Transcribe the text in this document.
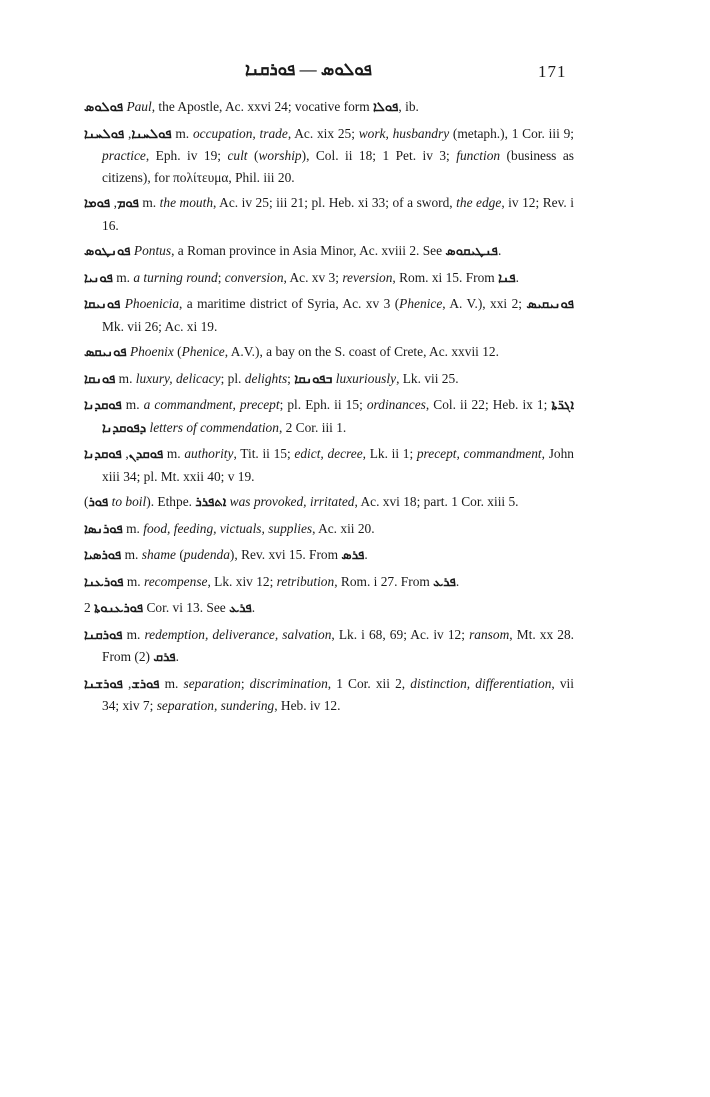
ܦܘܠܘܣ — ܦܘܪܩܢܐ	171

ܦܘܠܘܣ Paul, the Apostle, Ac. xxvi 24; vocative form ܦܘܠܐ, ib.

ܦܘܠܚܢܐ, ܦܘܠܚܢܐ	m. occupation, trade, Ac. xix 25; work, husbandry (metaph.), 1 Cor. iii 9; practice, Eph. iv 19; cult (worship), Col. ii 18; 1 Pet. iv 3; function (business as citizens), for πολίτευμα, Phil. iii 20.

ܦܘܡ, ܦܘܡܐ m. the mouth, Ac. iv 25; iii 21; pl. Heb. xi 33; of a sword, the edge, iv 12; Rev. i 16.

ܦܘܢܛܘܣ Pontus, a Roman province in Asia Minor, Ac. xviii 2. See ܦܢܛܝܩܘܣ.

ܦܘܢܝܐ m. a turning round; conversion, Ac. xv 3; reversion, Rom. xi 15. From ܦܢܐ.

ܦܘܢܝܩܐ Phoenicia, a maritime district of Syria, Ac. xv 3 (Phenice, A. V.), xxi 2; ܦܘܢܝܩܝܣ Mk. vii 26; Ac. xi 19.

ܦܘܢܝܩܣ Phoenix (Phenice, A.V.), a bay on the S. coast of Crete, Ac. xxvii 12.

ܦܘܢܩܐ m. luxury, delicacy; pl. delights; ܒܦܘܢܩܐ luxuriously, Lk. vii 25.

ܦܘܩܕܢܐ m. a commandment, precept; pl. Eph. ii 15; ordinances, Col. ii 22; Heb. ix 1; ܐܓܪ̈ܬܐ ܕܦܘܩܕܢܐ letters of commendation, 2 Cor. iii 1.

ܦܘܩܕܢ, ܦܘܩܕܢܐ	m. authority, Tit. ii 15; edict, decree, Lk. ii 1; precept, commandment, John xiii 34; pl. Mt. xxii 40; v 19.

(ܦܘܪ to boil). Ethpe. ܐܬܦܪܪ was provoked, irritated, Ac. xvi 18; part. 1 Cor. xiii 5.

ܦܘܪܢܣܐ m. food, feeding, victuals, supplies, Ac. xii 20.

ܦܘܪܣܝܐ m. shame (pudenda), Rev. xvi 15. From ܦܪܣ.

ܦܘܪܥܢܐ m. recompense, Lk. xiv 12; retribution, Rom. i 27. From ܦܪܥ.

ܦܘܪܥܢܘܬܐ 2 Cor. vi 13. See ܦܪܥ.

ܦܘܪܩܢܐ m. redemption, deliverance, salvation, Lk. i 68, 69; Ac. iv 12; ransom, Mt. xx 28. From ܦܪܩ (2).

ܦܘܪܫ, ܦܘܪܫܢܐ	m. separation; discrimination, 1 Cor. xii 2, distinction, differentiation, vii 34; xiv 7; separation, sundering, Heb. iv 12.
